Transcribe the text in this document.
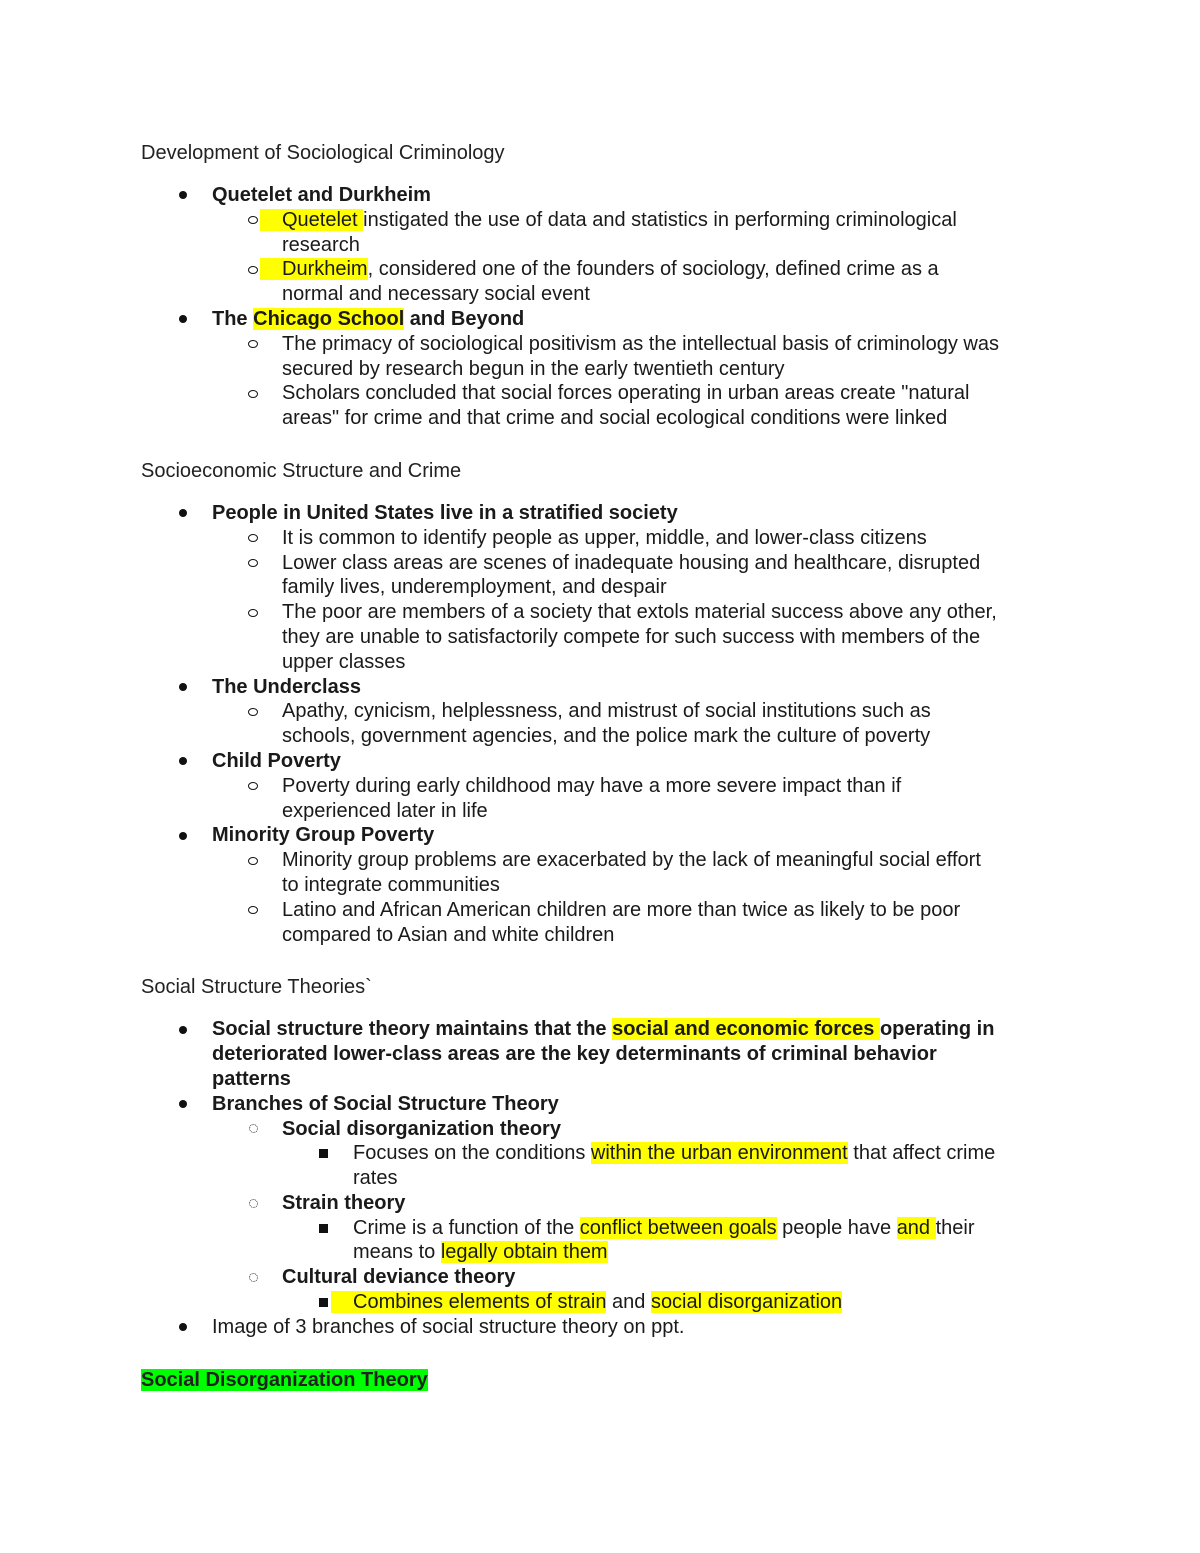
Development of Sociological Criminology
Quetelet and Durkheim
Quetelet instigated the use of data and statistics in performing criminological
research
Durkheim, considered one of the founders of sociology, defined crime as a
normal and necessary social event
The Chicago School and Beyond
The primacy of sociological positivism as the intellectual basis of criminology was
secured by research begun in the early twentieth century
Scholars concluded that social forces operating in urban areas create "natural
areas" for crime and that crime and social ecological conditions were linked
Socioeconomic Structure and Crime
People in United States live in a stratified society
It is common to identify people as upper, middle, and lower-class citizens
Lower class areas are scenes of inadequate housing and healthcare, disrupted
family lives, underemployment, and despair
The poor are members of a society that extols material success above any other,
they are unable to satisfactorily compete for such success with members of the
upper classes
The Underclass
Apathy, cynicism, helplessness, and mistrust of social institutions such as
schools, government agencies, and the police mark the culture of poverty
Child Poverty
Poverty during early childhood may have a more severe impact than if
experienced later in life
Minority Group Poverty
Minority group problems are exacerbated by the lack of meaningful social effort
to integrate communities
Latino and African American children are more than twice as likely to be poor
compared to Asian and white children
Social Structure Theories`
Social structure theory maintains that the social and economic forces operating in
deteriorated lower-class areas are the key determinants of criminal behavior
patterns
Branches of Social Structure Theory
Social disorganization theory
Focuses on the conditions within the urban environment that affect crime
rates
Strain theory
Crime is a function of the conflict between goals people have and their
means to legally obtain them
Cultural deviance theory
Combines elements of strain and social disorganization
Image of 3 branches of social structure theory on ppt.
Social Disorganization Theory
